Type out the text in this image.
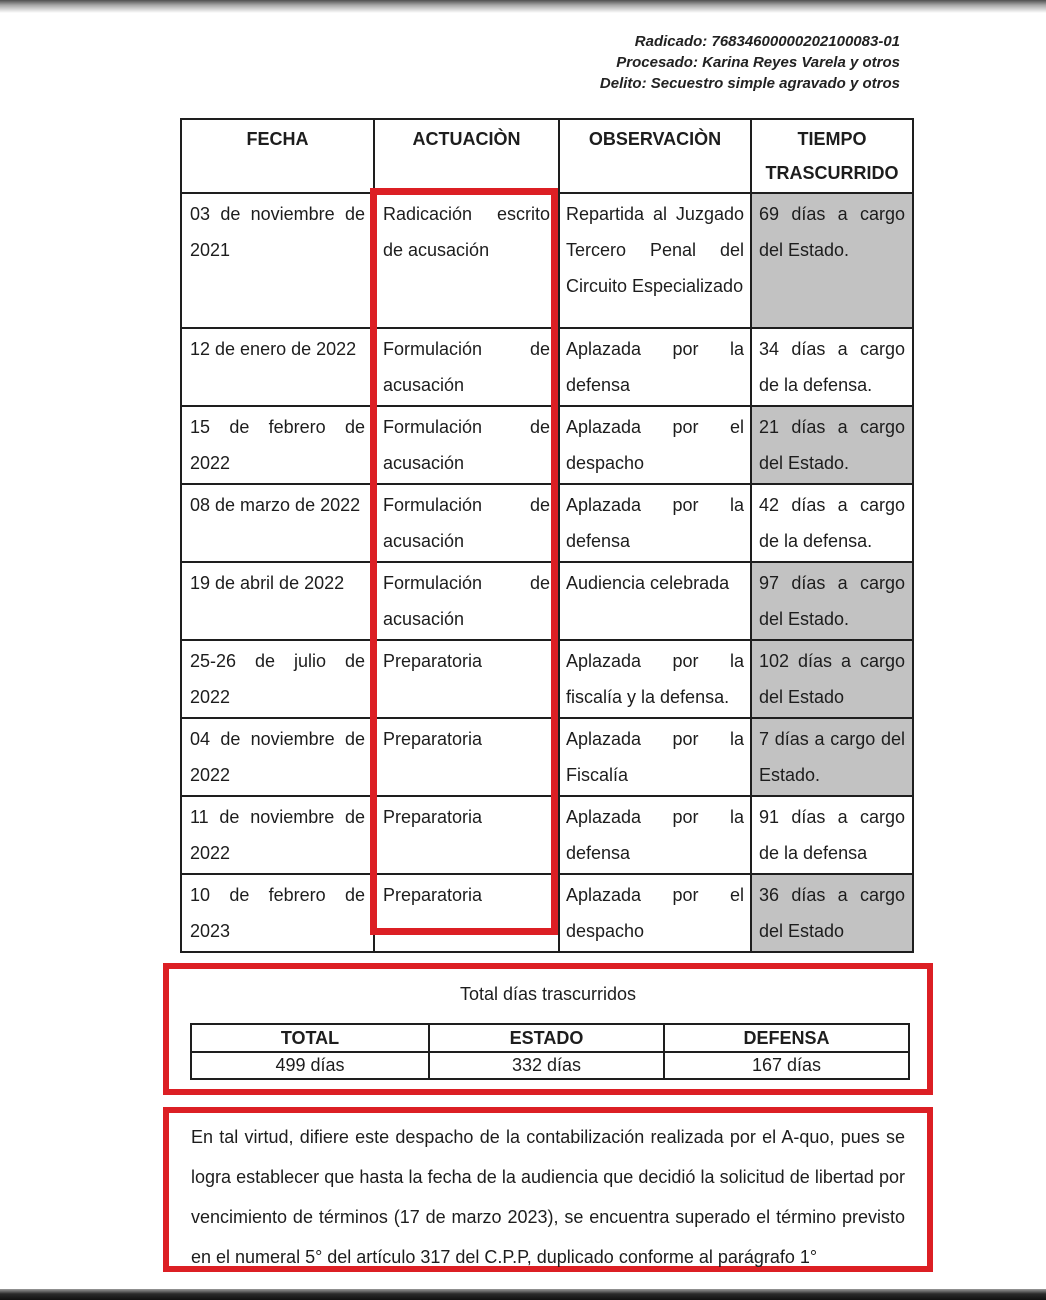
Radicado: 76834600000202100083-01
Procesado: Karina Reyes Varela y otros
Delito: Secuestro simple agravado y otros
FECHA	ACTUACIÒN	OBSERVACIÒN	TIEMPO TRASCURRIDO
03 de noviembre de 2021	Radicación escrito de acusación	Repartida al Juzgado Tercero Penal del Circuito Especializado	69 días a cargo del Estado.
12 de enero de 2022	Formulación de acusación	Aplazada por la defensa	34 días a cargo de la defensa.
15 de febrero de 2022	Formulación de acusación	Aplazada por el despacho	21 días a cargo del Estado.
08 de marzo de 2022	Formulación de acusación	Aplazada por la defensa	42 días a cargo de la defensa.
19 de abril de 2022	Formulación de acusación	Audiencia celebrada	97 días a cargo del Estado.
25-26 de julio de 2022	Preparatoria	Aplazada por la fiscalía y la defensa.	102 días a cargo del Estado
04 de noviembre de 2022	Preparatoria	Aplazada por la Fiscalía	7 días a cargo del Estado.
11 de noviembre de 2022	Preparatoria	Aplazada por la defensa	91 días a cargo de la defensa
10 de febrero de 2023	Preparatoria	Aplazada por el despacho	36 días a cargo del Estado

Total días trascurridos

TOTAL	ESTADO	DEFENSA
499 días	332 días	167 días

En tal virtud, difiere este despacho de la contabilización realizada por el A-quo, pues se logra establecer que hasta la fecha de la audiencia que decidió la solicitud de libertad por vencimiento de términos (17 de marzo 2023), se encuentra superado el término previsto en el numeral 5° del artículo 317 del C.P.P, duplicado conforme al parágrafo 1°
